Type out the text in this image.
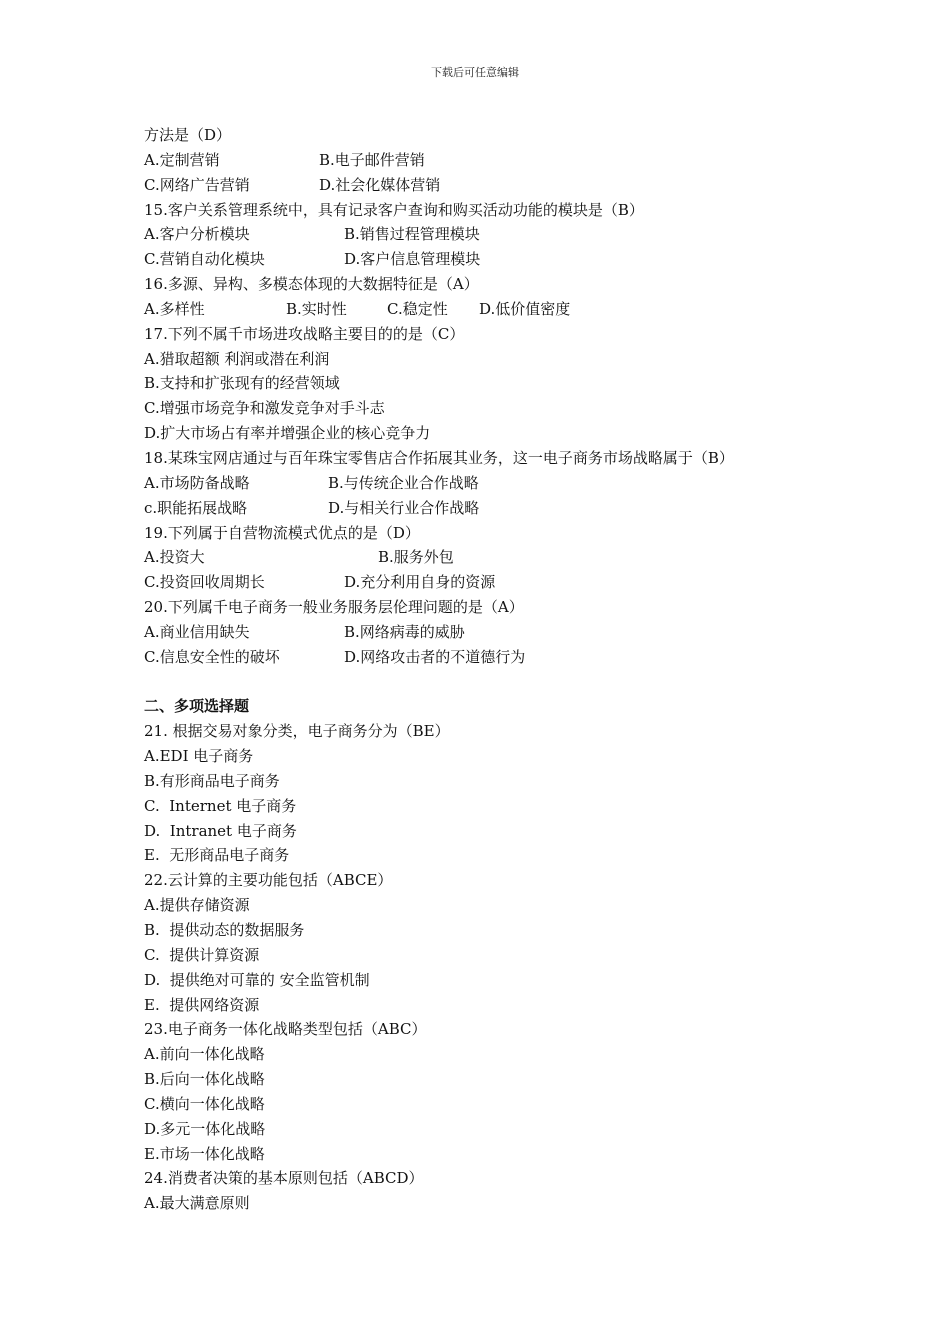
下载后可任意编辑
方法是（D）
A.定制营销	B.电子邮件营销
C.网络广告营销	D.社会化媒体营销
15.客户关系管理系统中，具有记录客户查询和购买活动功能的模块是（B）
A.客户分析模块	B.销售过程管理模块
C.营销自动化模块	D.客户信息管理模块
16.多源、异构、多模态体现的大数据特征是（A）
A.多样性	B.实时性	C.稳定性 D.低价值密度
17.下列不属千市场进攻战略主要目的的是（C）
A.猎取超额 利润或潜在利润
B.支持和扩张现有的经营领域
C.增强市场竞争和激发竞争对手斗志
D.扩大市场占有率并增强企业的核心竞争力
18.某珠宝网店通过与百年珠宝零售店合作拓展其业务，这一电子商务市场战略属于（B）
A.市场防备战略	B.与传统企业合作战略
c.职能拓展战略	D.与相关行业合作战略
19.下列属于自营物流模式优点的是（D）
A.投资大	B.服务外包
C.投资回收周期长	D.充分利用自身的资源
20.下列属千电子商务一般业务服务层伦理问题的是（A）
A.商业信用缺失	B.网络病毒的威胁
C.信息安全性的破坏	D.网络攻击者的不道德行为
二、多项选择题
21. 根据交易对象分类，电子商务分为（BE）
A.EDI 电子商务
B.有形商品电子商务
C.  Internet 电子商务
D.  Intranet 电子商务
E.  无形商品电子商务
22.云计算的主要功能包括（ABCE）
A.提供存储资源
B.  提供动态的数据服务
C.  提供计算资源
D.  提供绝对可靠的 安全监管机制
E.  提供网络资源
23.电子商务一体化战略类型包括（ABC）
A.前向一体化战略
B.后向一体化战略
C.横向一体化战略
D.多元一体化战略
E.市场一体化战略
24.消费者决策的基本原则包括（ABCD）
A.最大满意原则
